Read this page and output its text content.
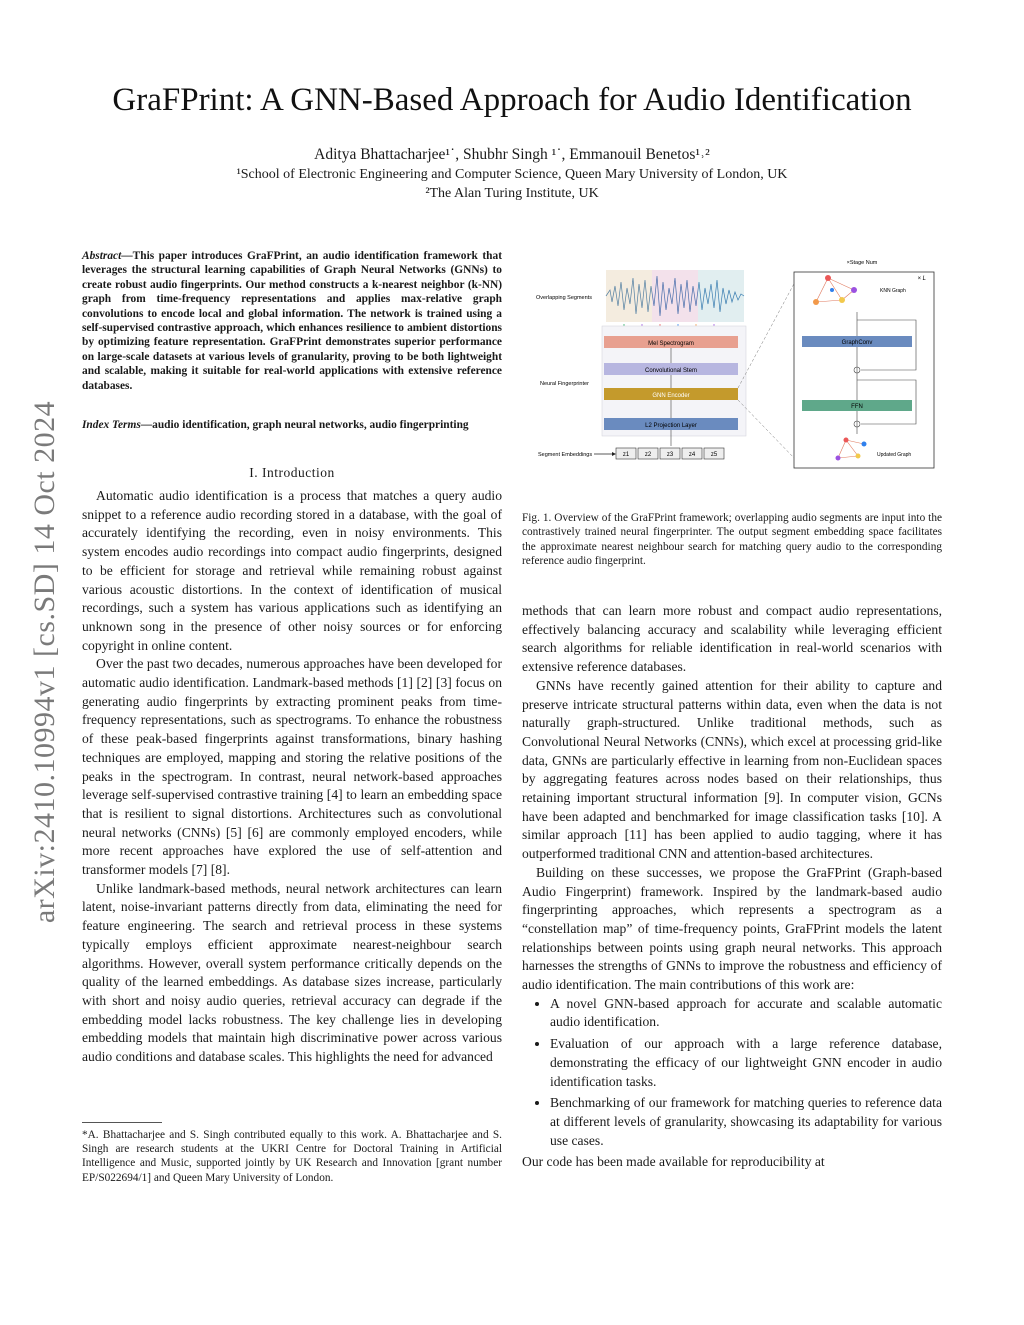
arXiv:2410.10994v1 [cs.SD] 14 Oct 2024
GraFPrint: A GNN-Based Approach for Audio Identification
Aditya Bhattacharjee¹˙, Shubhr Singh ¹˙, Emmanouil Benetos¹˒²
¹School of Electronic Engineering and Computer Science, Queen Mary University of London, UK
²The Alan Turing Institute, UK
Abstract—This paper introduces GraFPrint, an audio identification framework that leverages the structural learning capabilities of Graph Neural Networks (GNNs) to create robust audio fingerprints. Our method constructs a k-nearest neighbor (k-NN) graph from time-frequency representations and applies max-relative graph convolutions to encode local and global information. The network is trained using a self-supervised contrastive approach, which enhances resilience to ambient distortions by optimizing feature representation. GraFPrint demonstrates superior performance on large-scale datasets at various levels of granularity, proving to be both lightweight and scalable, making it suitable for real-world applications with extensive reference databases.
Index Terms—audio identification, graph neural networks, audio fingerprinting
I. Introduction

Automatic audio identification is a process that matches a query audio snippet to a reference audio recording stored in a database, with the goal of accurately identifying the recording, even in noisy environments. This system encodes audio recordings into compact audio fingerprints, designed to be efficient for storage and retrieval while remaining robust against various acoustic distortions. In the context of identification of musical recordings, such a system has various applications such as identifying an unknown song in the presence of other noisy sources or for enforcing copyright in online content.

Over the past two decades, numerous approaches have been developed for automatic audio identification. Landmark-based methods [1] [2] [3] focus on generating audio fingerprints by extracting prominent peaks from time-frequency representations, such as spectrograms. To enhance the robustness of these peak-based fingerprints against transformations, binary hashing techniques are employed, mapping and storing the relative positions of the peaks in the spectrogram. In contrast, neural network-based approaches leverage self-supervised contrastive training [4] to learn an embedding space that is resilient to signal distortions. Architectures such as convolutional neural networks (CNNs) [5] [6] are commonly employed encoders, while more recent approaches have explored the use of self-attention and transformer models [7] [8].

Unlike landmark-based methods, neural network architectures can learn latent, noise-invariant patterns directly from data, eliminating the need for feature engineering. The search and retrieval process in these systems typically employs efficient approximate nearest-neighbour search algorithms. However, overall system performance critically depends on the quality of the learned embeddings. As database sizes increase, particularly with short and noisy audio queries, retrieval accuracy can degrade if the embedding model lacks robustness. The key challenge lies in developing embedding models that maintain high discriminative power across various audio conditions and database scales. This highlights the need for advanced

*A. Bhattacharjee and S. Singh contributed equally to this work. A. Bhattacharjee and S. Singh are research students at the UKRI Centre for Doctoral Training in Artificial Intelligence and Music, supported jointly by UK Research and Innovation [grant number EP/S022694/1] and Queen Mary University of London.
Overlapping Segments
Neural Fingerprinter
Segment Embeddings
Mel Spectrogram
Convolutional Stem
GNN Encoder
L2 Projection Layer
z1	z2	z3	z4	z5
×Stage Num
× L
KNN Graph
GraphConv
FFN
Updated Graph
Fig. 1. Overview of the GraFPrint framework; overlapping audio segments are input into the contrastively trained neural fingerprinter. The output segment embedding space facilitates the approximate nearest neighbour search for matching query audio to the corresponding reference audio fingerprint.

methods that can learn more robust and compact audio representations, effectively balancing accuracy and scalability while leveraging efficient search algorithms for reliable identification in real-world scenarios with extensive reference databases.

GNNs have recently gained attention for their ability to capture and preserve intricate structural patterns within data, even when the data is not naturally graph-structured. Unlike traditional methods, such as Convolutional Neural Networks (CNNs), which excel at processing grid-like data, GNNs are particularly effective in learning from non-Euclidean spaces by aggregating features across nodes based on their relationships, thus retaining important structural information [9]. In computer vision, GCNs have been adapted and benchmarked for image classification tasks [10]. A similar approach [11] has been applied to audio tagging, where it has outperformed traditional CNN and attention-based architectures.

Building on these successes, we propose the GraFPrint (Graph-based Audio Fingerprint) framework. Inspired by the landmark-based audio fingerprinting approaches, which represents a spectrogram as a “constellation map” of time-frequency points, GraFPrint models the latent relationships between points using graph neural networks. This approach harnesses the strengths of GNNs to improve the robustness and efficiency of audio identification. The main contributions of this work are:

• A novel GNN-based approach for accurate and scalable automatic audio identification.
• Evaluation of our approach with a large reference database, demonstrating the efficacy of our lightweight GNN encoder in audio identification tasks.
• Benchmarking of our framework for matching queries to reference data at different levels of granularity, showcasing its adaptability for various use cases.

Our code has been made available for reproducibility at
